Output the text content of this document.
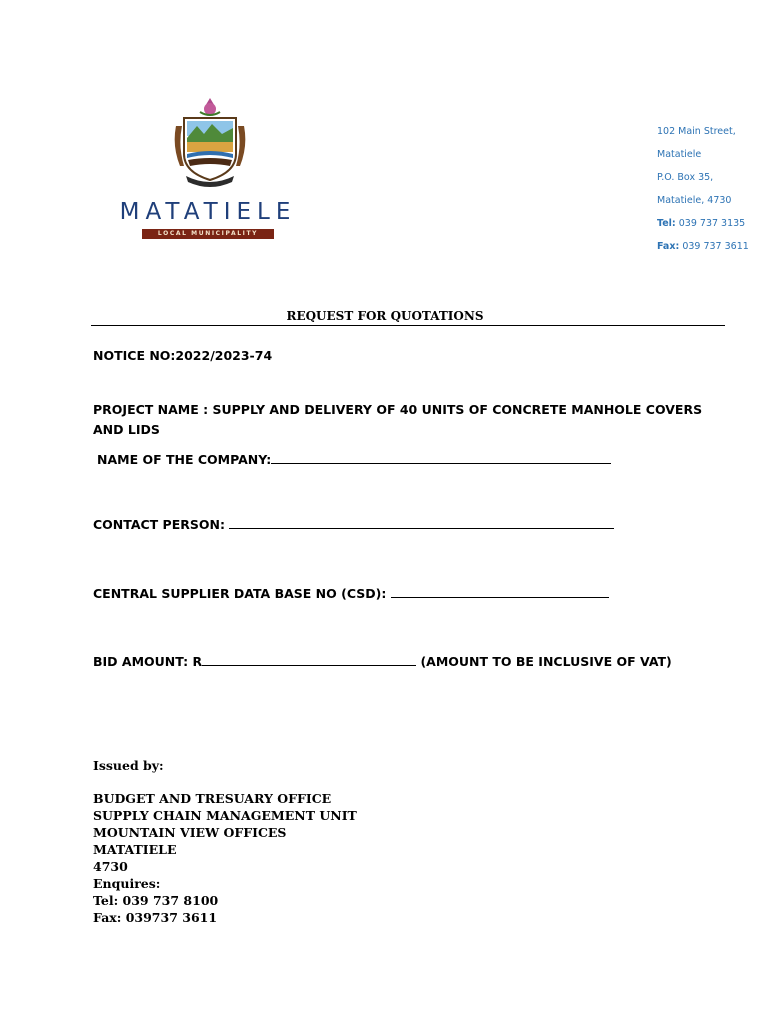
MATATIELE
LOCAL MUNICIPALITY
102 Main Street,
Matatiele
P.O. Box 35,
Matatiele, 4730
Tel: 039 737 3135
Fax: 039 737 3611
REQUEST FOR QUOTATIONS
NOTICE NO:2022/2023-74
PROJECT NAME : SUPPLY AND DELIVERY OF 40 UNITS OF CONCRETE MANHOLE COVERS AND LIDS
NAME OF THE COMPANY:
CONTACT PERSON:
CENTRAL SUPPLIER DATA BASE NO (CSD):
BID AMOUNT: R	(AMOUNT TO BE INCLUSIVE OF VAT)
Issued by:
BUDGET AND TRESUARY OFFICE
SUPPLY CHAIN MANAGEMENT UNIT
MOUNTAIN VIEW OFFICES
MATATIELE
4730
Enquires:
Tel: 039 737 8100
Fax: 039737 3611
